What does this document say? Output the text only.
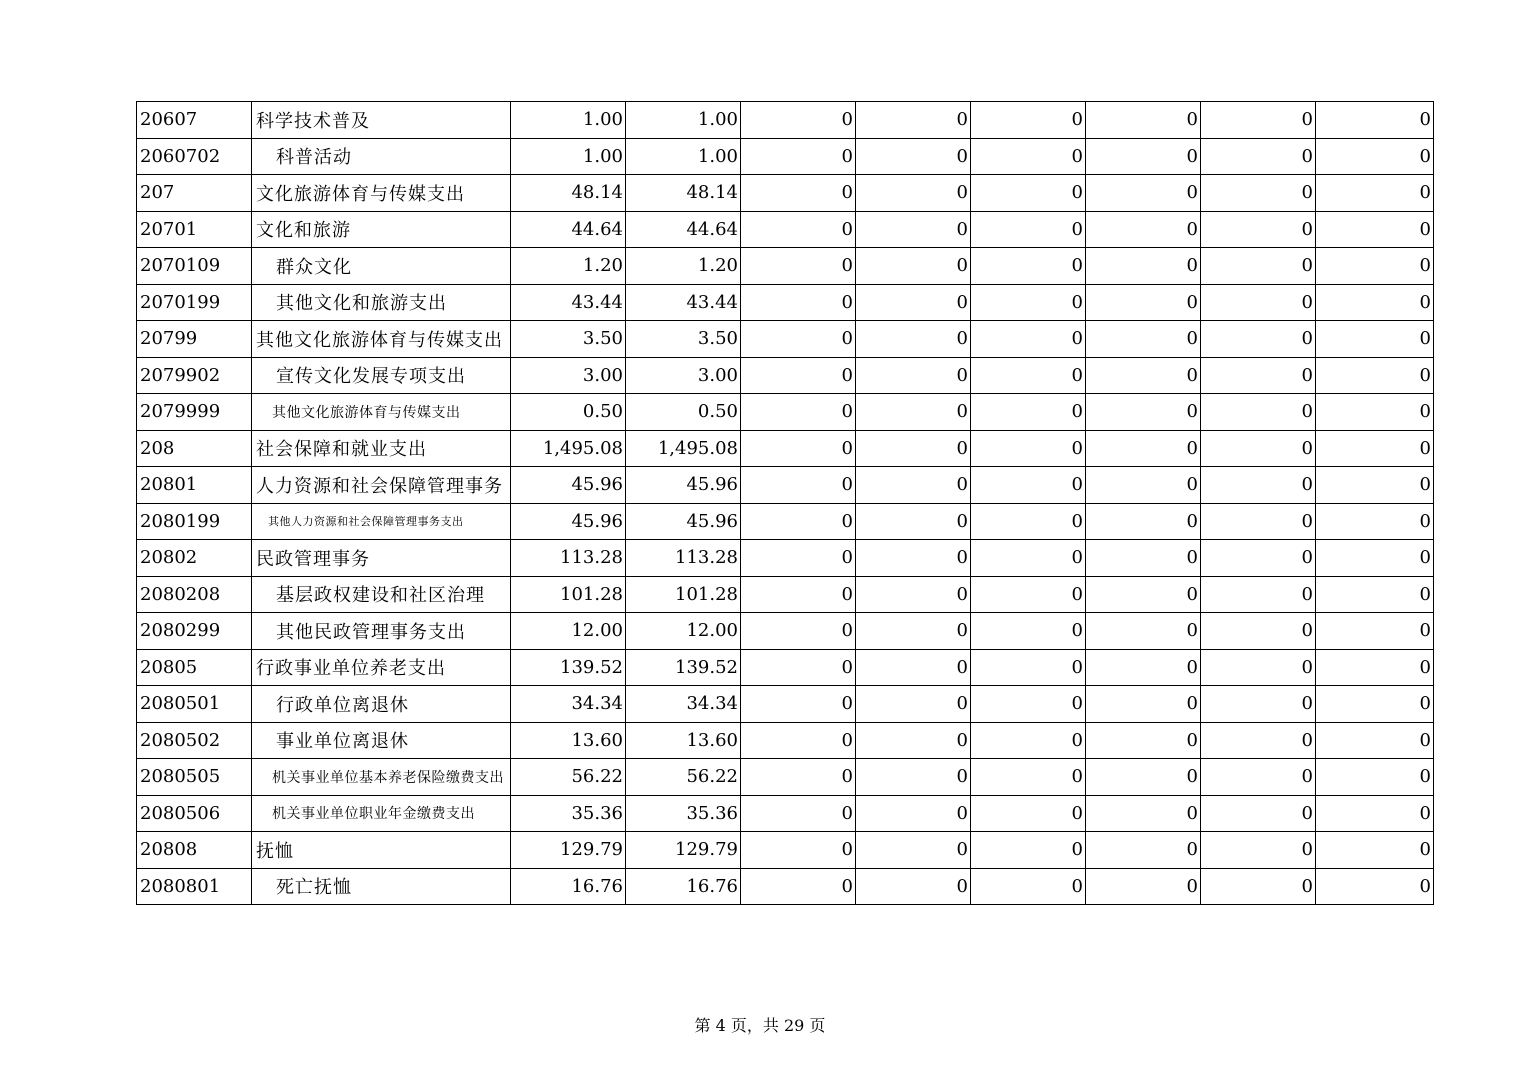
20607	科学技术普及	1.00	1.00	0	0	0	0	0	0
2060702	科普活动	1.00	1.00	0	0	0	0	0	0
207	文化旅游体育与传媒支出	48.14	48.14	0	0	0	0	0	0
20701	文化和旅游	44.64	44.64	0	0	0	0	0	0
2070109	群众文化	1.20	1.20	0	0	0	0	0	0
2070199	其他文化和旅游支出	43.44	43.44	0	0	0	0	0	0
20799	其他文化旅游体育与传媒支出	3.50	3.50	0	0	0	0	0	0
2079902	宣传文化发展专项支出	3.00	3.00	0	0	0	0	0	0
2079999	其他文化旅游体育与传媒支出	0.50	0.50	0	0	0	0	0	0
208	社会保障和就业支出	1,495.08	1,495.08	0	0	0	0	0	0
20801	人力资源和社会保障管理事务	45.96	45.96	0	0	0	0	0	0
2080199	其他人力资源和社会保障管理事务支出	45.96	45.96	0	0	0	0	0	0
20802	民政管理事务	113.28	113.28	0	0	0	0	0	0
2080208	基层政权建设和社区治理	101.28	101.28	0	0	0	0	0	0
2080299	其他民政管理事务支出	12.00	12.00	0	0	0	0	0	0
20805	行政事业单位养老支出	139.52	139.52	0	0	0	0	0	0
2080501	行政单位离退休	34.34	34.34	0	0	0	0	0	0
2080502	事业单位离退休	13.60	13.60	0	0	0	0	0	0
2080505	机关事业单位基本养老保险缴费支出	56.22	56.22	0	0	0	0	0	0
2080506	机关事业单位职业年金缴费支出	35.36	35.36	0	0	0	0	0	0
20808	抚恤	129.79	129.79	0	0	0	0	0	0
2080801	死亡抚恤	16.76	16.76	0	0	0	0	0	0
第 4 页，共 29 页
